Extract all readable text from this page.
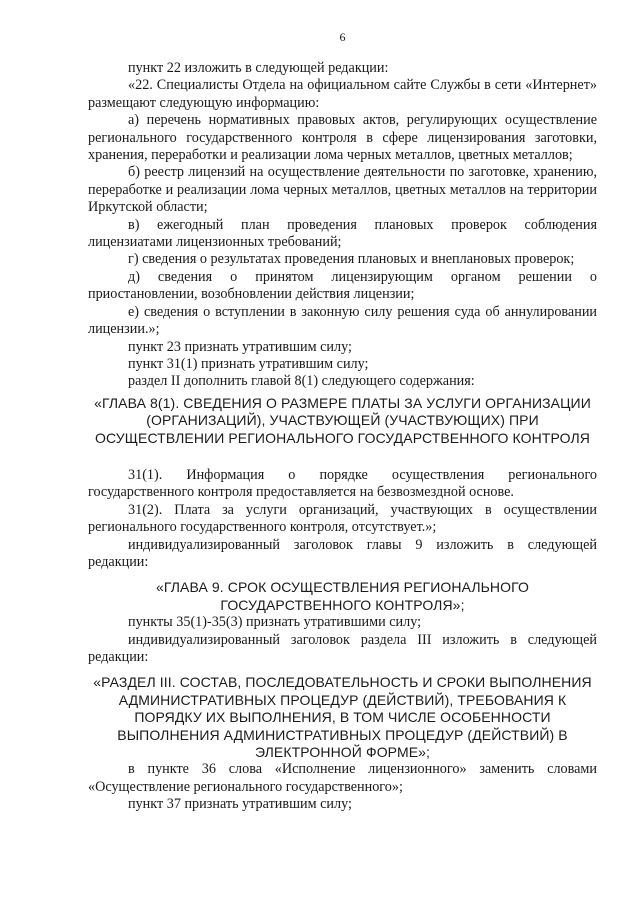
6

пункт 22 изложить в следующей редакции:

«22. Специалисты Отдела на официальном сайте Службы в сети «Интернет» размещают следующую информацию:

а) перечень нормативных правовых актов, регулирующих осуществление регионального государственного контроля в сфере лицензирования заготовки, хранения, переработки и реализации лома черных металлов, цветных металлов;

б) реестр лицензий на осуществление деятельности по заготовке, хранению, переработке и реализации лома черных металлов, цветных металлов на территории Иркутской области;

в) ежегодный план проведения плановых проверок соблюдения лицензиатами лицензионных требований;

г) сведения о результатах проведения плановых и внеплановых проверок;

д) сведения о принятом лицензирующим органом решении о приостановлении, возобновлении действия лицензии;

е) сведения о вступлении в законную силу решения суда об аннулировании лицензии.»;

пункт 23 признать утратившим силу;

пункт 31(1) признать утратившим силу;

раздел II дополнить главой 8(1) следующего содержания:

«ГЛАВА 8(1). СВЕДЕНИЯ О РАЗМЕРЕ ПЛАТЫ ЗА УСЛУГИ ОРГАНИЗАЦИИ (ОРГАНИЗАЦИЙ), УЧАСТВУЮЩЕЙ (УЧАСТВУЮЩИХ) ПРИ ОСУЩЕСТВЛЕНИИ РЕГИОНАЛЬНОГО ГОСУДАРСТВЕННОГО КОНТРОЛЯ

31(1). Информация о порядке осуществления регионального государственного контроля предоставляется на безвозмездной основе.

31(2). Плата за услуги организаций, участвующих в осуществлении регионального государственного контроля, отсутствует.»;

индивидуализированный заголовок главы 9 изложить в следующей редакции:

«ГЛАВА 9. СРОК ОСУЩЕСТВЛЕНИЯ РЕГИОНАЛЬНОГО ГОСУДАРСТВЕННОГО КОНТРОЛЯ»;

пункты 35(1)-35(3) признать утратившими силу;

индивидуализированный заголовок раздела III изложить в следующей редакции:

«РАЗДЕЛ III. СОСТАВ, ПОСЛЕДОВАТЕЛЬНОСТЬ И СРОКИ ВЫПОЛНЕНИЯ АДМИНИСТРАТИВНЫХ ПРОЦЕДУР (ДЕЙСТВИЙ), ТРЕБОВАНИЯ К ПОРЯДКУ ИХ ВЫПОЛНЕНИЯ, В ТОМ ЧИСЛЕ ОСОБЕННОСТИ ВЫПОЛНЕНИЯ АДМИНИСТРАТИВНЫХ ПРОЦЕДУР (ДЕЙСТВИЙ) В ЭЛЕКТРОННОЙ ФОРМЕ»;

в пункте 36 слова «Исполнение лицензионного» заменить словами «Осуществление регионального государственного»;

пункт 37 признать утратившим силу;
